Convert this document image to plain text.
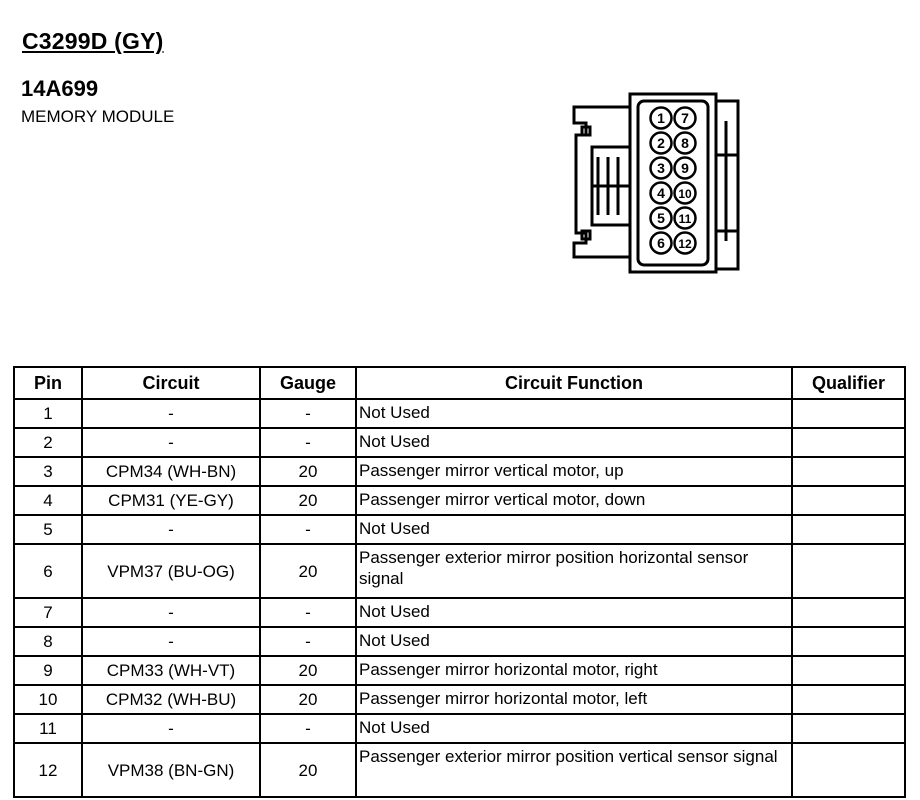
C3299D (GY)
14A699
MEMORY MODULE	1
2
3
4
5
6
7
8
9
10
11
12
Pin	Circuit	Gauge	Circuit Function	Qualifier
1	-	-	Not Used	
2	-	-	Not Used	
3	CPM34 (WH-BN)	20	Passenger mirror vertical motor, up	
4	CPM31 (YE-GY)	20	Passenger mirror vertical motor, down	
5	-	-	Not Used	
6	VPM37 (BU-OG)	20	Passenger exterior mirror position horizontal sensor signal	
7	-	-	Not Used	
8	-	-	Not Used	
9	CPM33 (WH-VT)	20	Passenger mirror horizontal motor, right	
10	CPM32 (WH-BU)	20	Passenger mirror horizontal motor, left	
11	-	-	Not Used	
12	VPM38 (BN-GN)	20	Passenger exterior mirror position vertical sensor signal	
